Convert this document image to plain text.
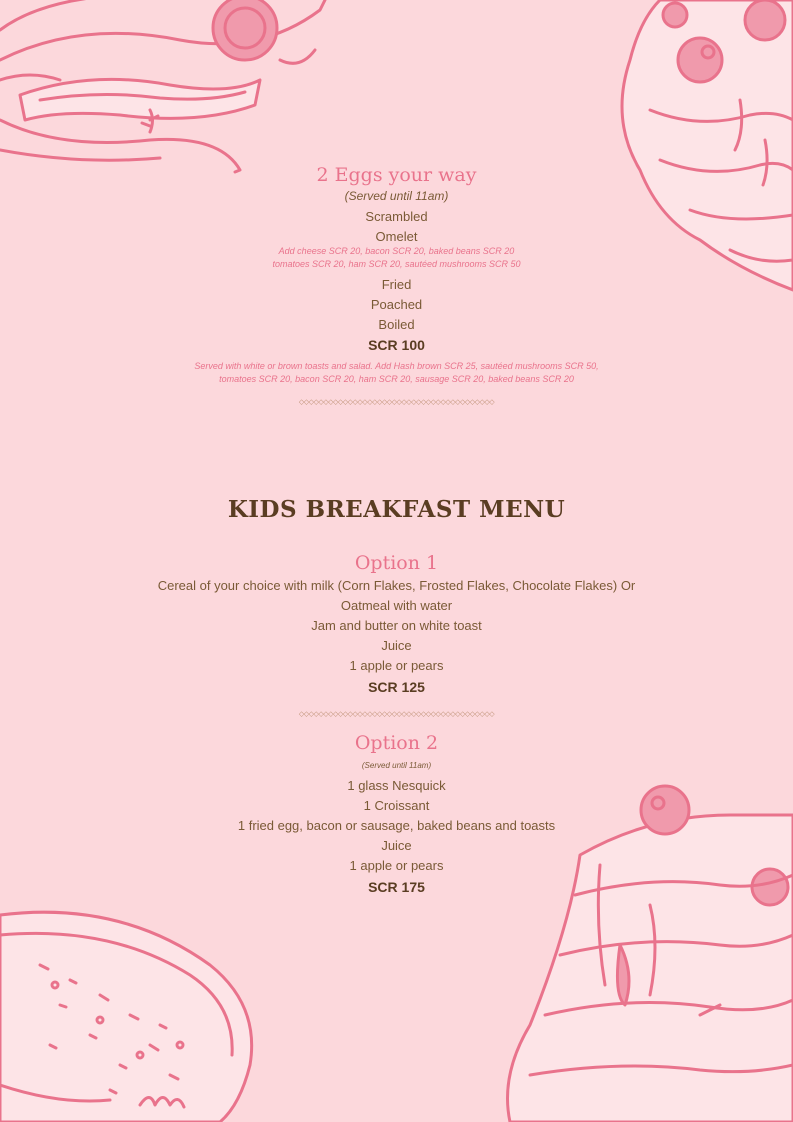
2 Eggs your way
(Served until 11am)
Scrambled
Omelet
Add cheese SCR 20, bacon SCR 20, baked beans SCR 20
tomatoes SCR 20, ham SCR 20, sautéed mushrooms SCR 50
Fried
Poached
Boiled
SCR 100
Served with white or brown toasts and salad. Add Hash brown SCR 25, sautéed mushrooms SCR 50,
tomatoes SCR 20, bacon SCR 20, ham SCR 20, sausage SCR 20, baked beans SCR 20
◇◇◇◇◇◇◇◇◇◇◇◇◇◇◇◇◇◇◇◇◇◇◇◇◇◇◇◇◇◇◇◇◇◇◇◇◇◇◇◇
KIDS BREAKFAST MENU
Option 1
Cereal of your choice with milk (Corn Flakes, Frosted Flakes, Chocolate Flakes) Or
Oatmeal with water
Jam and butter on white toast
Juice
1 apple or pears
SCR 125
◇◇◇◇◇◇◇◇◇◇◇◇◇◇◇◇◇◇◇◇◇◇◇◇◇◇◇◇◇◇◇◇◇◇◇◇◇◇◇◇
Option 2
(Served until 11am)
1 glass Nesquick
1 Croissant
1 fried egg, bacon or sausage, baked beans and toasts
Juice
1 apple or pears
SCR 175
